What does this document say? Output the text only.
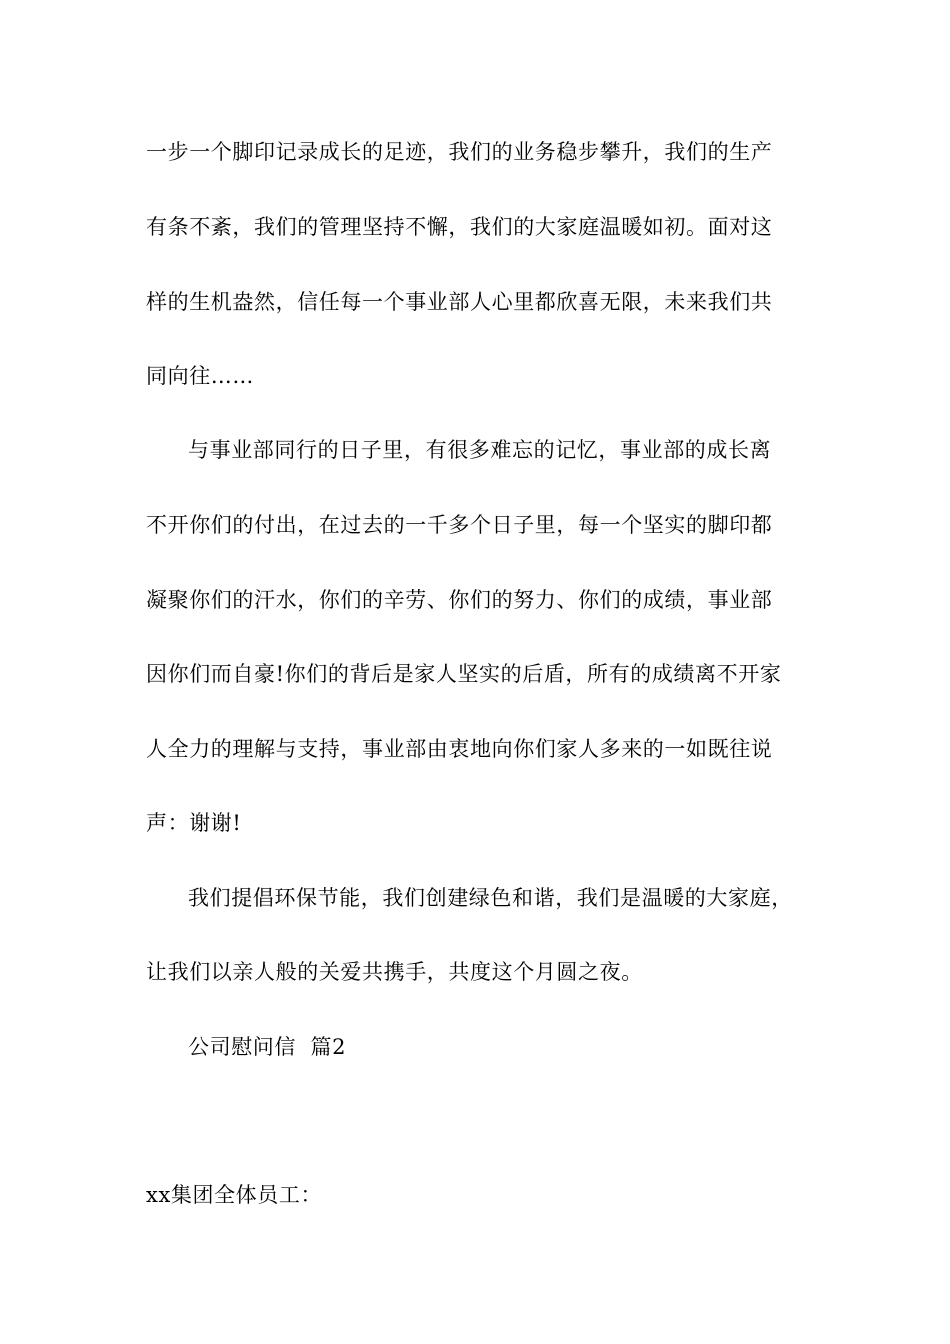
一步一个脚印记录成长的足迹，我们的业务稳步攀升，我们的生产
有条不紊，我们的管理坚持不懈，我们的大家庭温暖如初。面对这
样的生机盎然，信任每一个事业部人心里都欣喜无限，未来我们共
同向往……
与事业部同行的日子里，有很多难忘的记忆，事业部的成长离
不开你们的付出，在过去的一千多个日子里，每一个坚实的脚印都
凝聚你们的汗水，你们的辛劳、你们的努力、你们的成绩，事业部
因你们而自豪!你们的背后是家人坚实的后盾，所有的成绩离不开家
人全力的理解与支持，事业部由衷地向你们家人多来的一如既往说
声：谢谢!
我们提倡环保节能，我们创建绿色和谐，我们是温暖的大家庭，
让我们以亲人般的关爱共携手，共度这个月圆之夜。
公司慰问信  篇2
xx集团全体员工：
